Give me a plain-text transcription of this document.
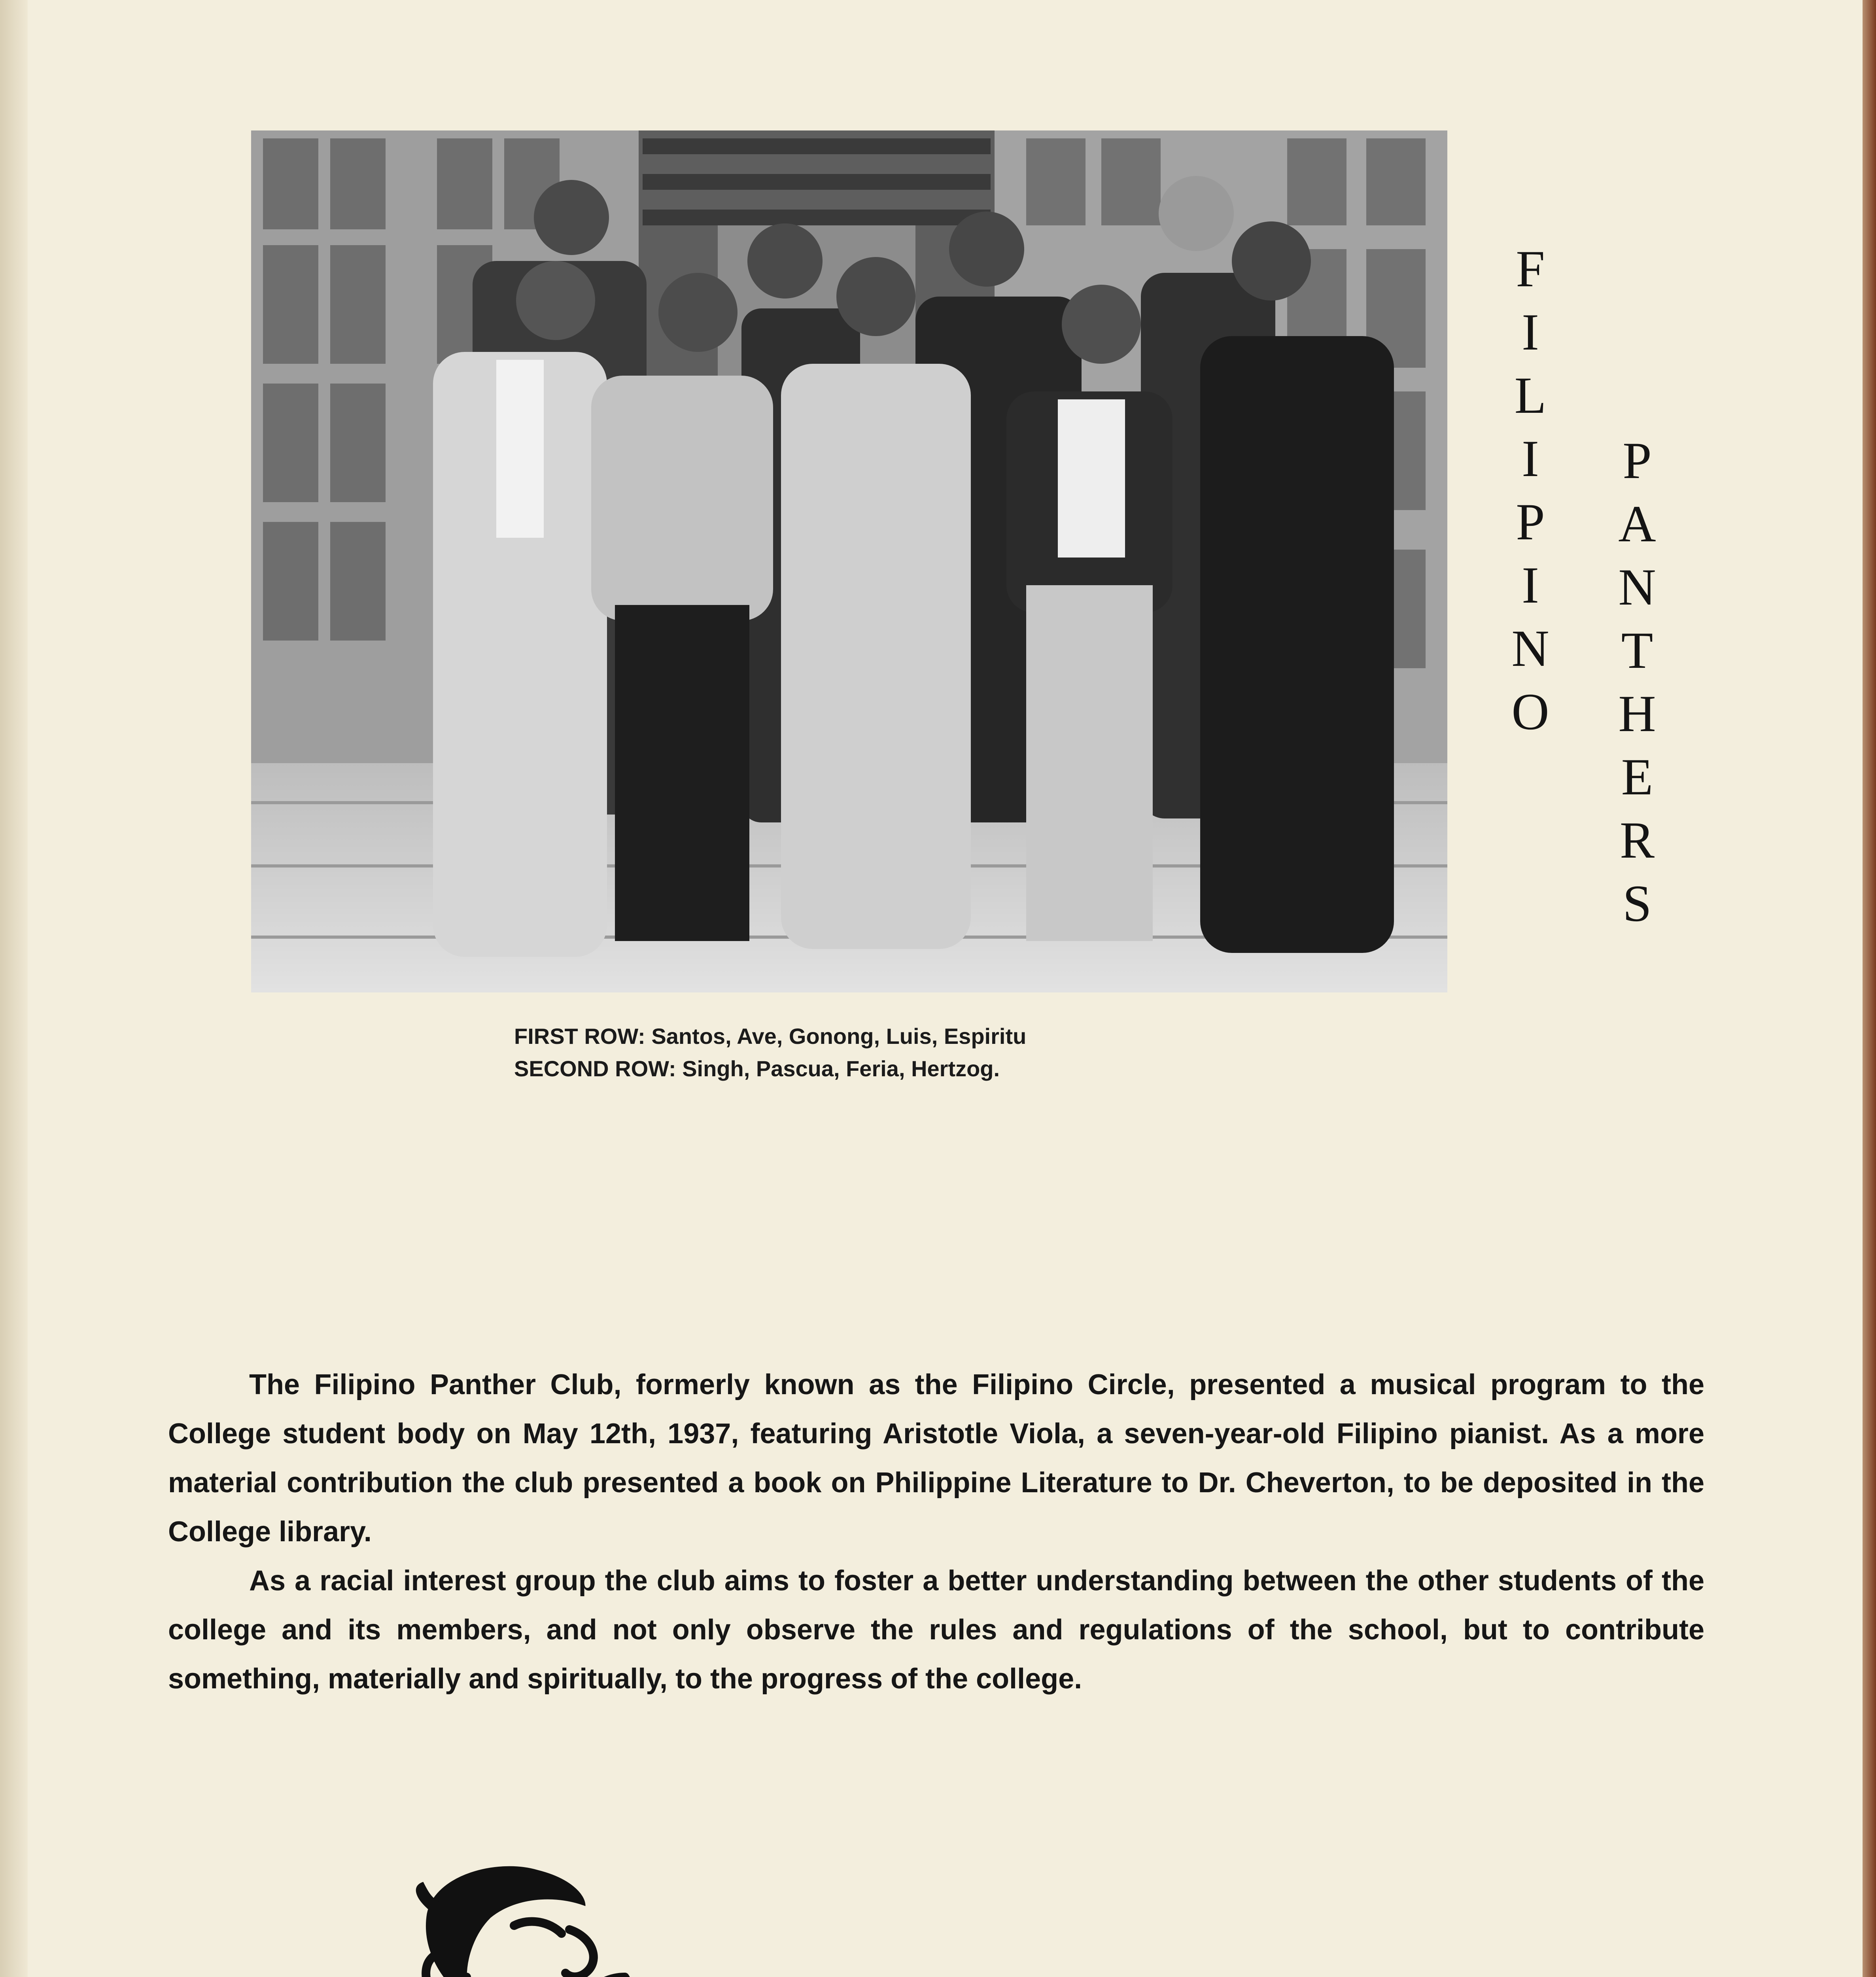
F
I
L
I
P
I
N
O
P
A
N
T
H
E
R
S
FIRST ROW: Santos, Ave, Gonong, Luis, Espiritu
SECOND ROW: Singh, Pascua, Feria, Hertzog.

The Filipino Panther Club, formerly known as the Filipino Circle, presented a musical program to the College student body on May 12th, 1937, featuring Aristotle Viola, a seven-year-old Filipino pianist. As a more material contribution the club presented a book on Philippine Literature to Dr. Cheverton, to be deposited in the College library.

As a racial interest group the club aims to foster a better understanding between the other students of the college and its members, and not only observe the rules and regulations of the school, but to contribute something, materially and spiritually, to the progress of the college.
